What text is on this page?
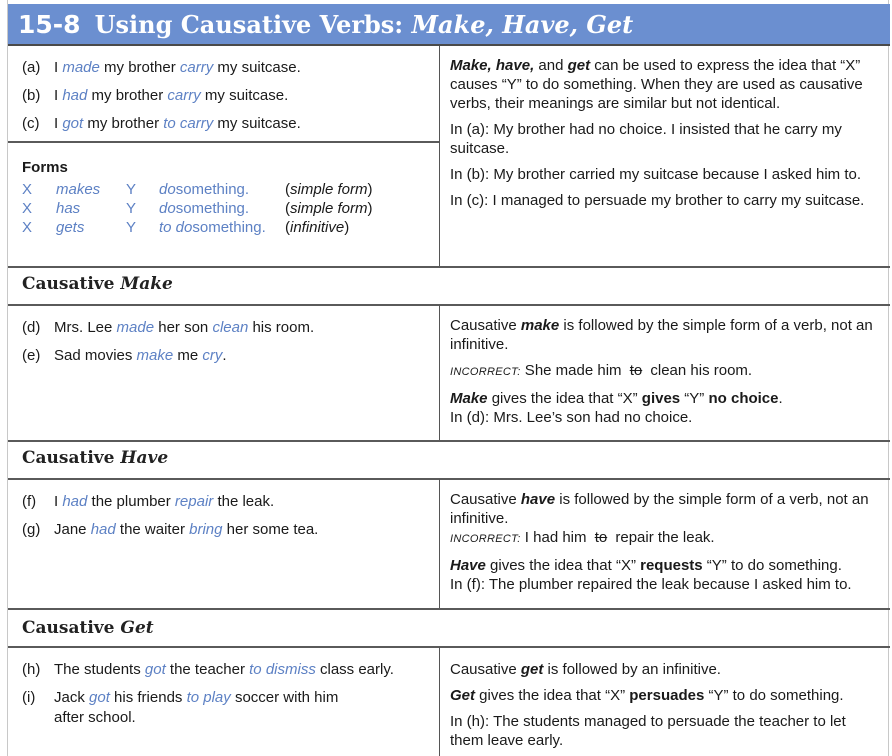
15-8 Using Causative Verbs: Make, Have, Get
(a) I made my brother carry my suitcase.
(b) I had my brother carry my suitcase.
(c) I got my brother to carry my suitcase.
Forms
X	makes	Y	dosomething.	(simple form)
X	has	Y	dosomething.	(simple form)
X	gets	Y	to dosomething.	(infinitive)
Make, have, and get can be used to express the idea that “X” causes “Y” to do something. When they are used as causative verbs, their meanings are similar but not identical.
In (a): My brother had no choice. I insisted that he carry my suitcase.
In (b): My brother carried my suitcase because I asked him to.
In (c): I managed to persuade my brother to carry my suitcase.
Causative Make
(d) Mrs. Lee made her son clean his room.
(e) Sad movies make me cry.
Causative make is followed by the simple form of a verb, not an infinitive.
INCORRECT: She made him to clean his room.
Make gives the idea that “X” gives “Y” no choice.
In (d): Mrs. Lee’s son had no choice.
Causative Have
(f)	I had the plumber repair the leak.
(g) Jane had the waiter bring her some tea.
Causative have is followed by the simple form of a verb, not an infinitive.
INCORRECT: I had him to repair the leak.
Have gives the idea that “X” requests “Y” to do something.
In (f): The plumber repaired the leak because I asked him to.
Causative Get
(h) The students got the teacher to dismiss class early.
(i)	Jack got his friends to play soccer with him after school.
Causative get is followed by an infinitive.
Get gives the idea that “X” persuades “Y” to do something.
In (h): The students managed to persuade the teacher to let them leave early.
